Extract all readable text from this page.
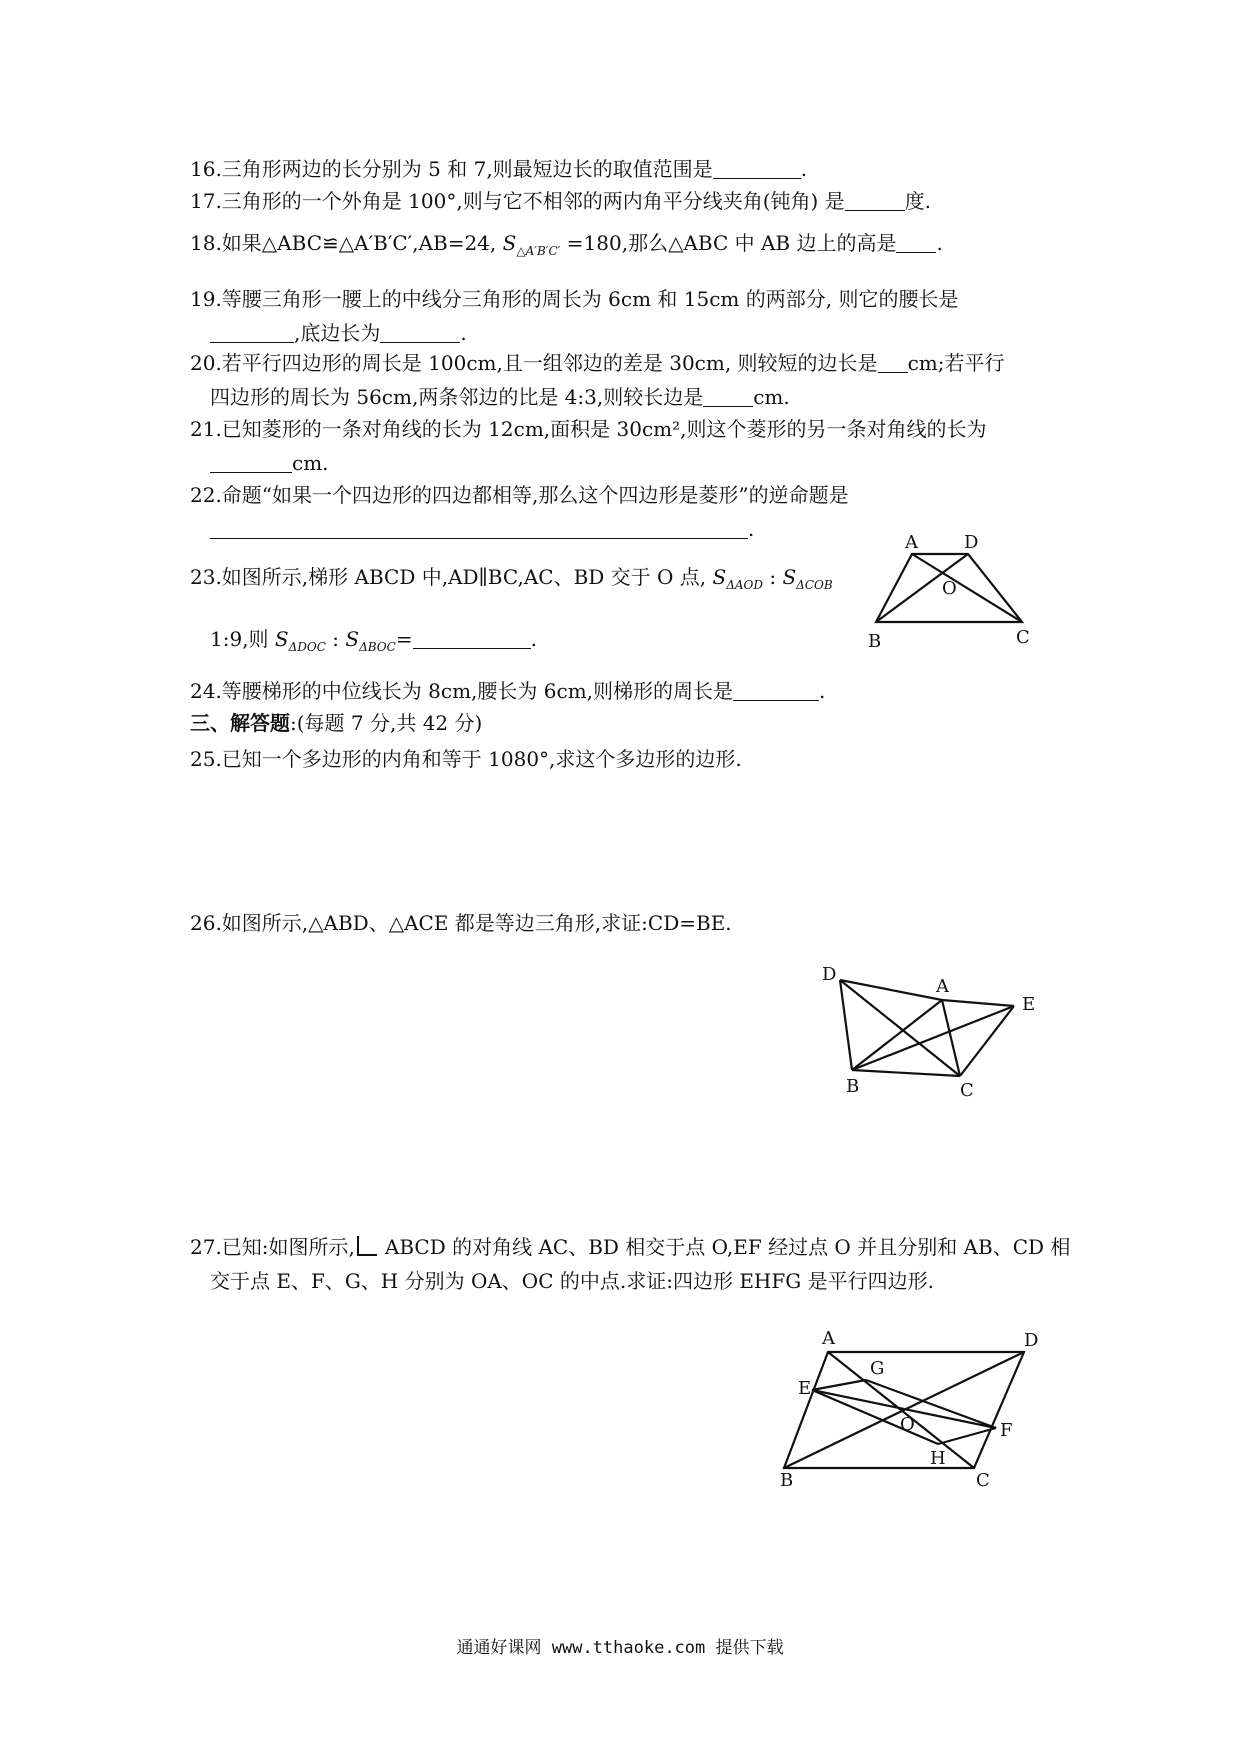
16.三角形两边的长分别为 5 和 7,则最短边长的取值范围是	.
17.三角形的一个外角是 100°,则与它不相邻的两内角平分线夹角(钝角) 是	度.
18.如果△ABC≌△A′B′C′,AB=24, $S_{\triangle A'B'C'} =180$,那么△ABC 中 AB 边上的高是 .
19.等腰三角形一腰上的中线分三角形的周长为 6cm 和 15cm 的两部分, 则它的腰长是
,底边长为	.
20.若平行四边形的周长是 100cm,且一组邻边的差是 30cm, 则较短的边长是 cm;若平行
四边形的周长为 56cm,两条邻边的比是 4:3,则较长边是	cm.
21.已知菱形的一条对角线的长为 12cm,面积是 30cm²,则这个菱形的另一条对角线的长为
cm.
22.命题“如果一个四边形的四边都相等,那么这个四边形是菱形”的逆命题是
.
23.如图所示,梯形 ABCD 中,AD∥BC,AC、BD 交于 O 点, $S_{\Delta AOD}$ : $S_{\Delta COB}$
1:9,则 $S_{\Delta DOC}$ : $S_{\Delta BOC}=$	.
A	D
O
B	C
24.等腰梯形的中位线长为 8cm,腰长为 6cm,则梯形的周长是	.
三、解答题:(每题 7 分,共 42 分)
25.已知一个多边形的内角和等于 1080°,求这个多边形的边形.
26.如图所示,△ABD、△ACE 都是等边三角形,求证:CD=BE.
D
A
E
B	C
27.已知:如图所示, ABCD 的对角线 AC、BD 相交于点 O,EF 经过点 O 并且分别和 AB、CD 相
交于点 E、F、G、H 分别为 OA、OC 的中点.求证:四边形 EHFG 是平行四边形.
A	D
G
E
O	F
H
B	C
通通好课网 www.tthaoke.com 提供下载
